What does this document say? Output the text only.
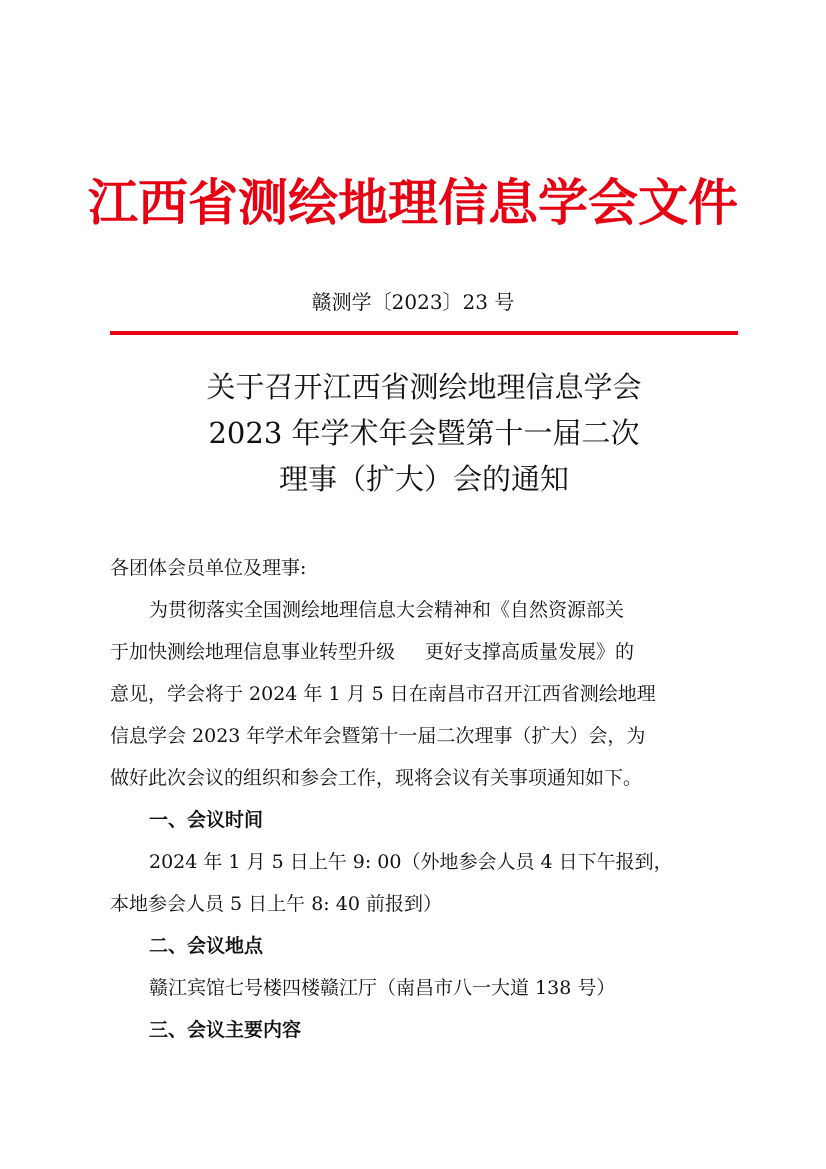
江西省测绘地理信息学会文件
赣测学〔2023〕23 号
关于召开江西省测绘地理信息学会
2023 年学术年会暨第十一届二次
理事（扩大）会的通知
各团体会员单位及理事:
为贯彻落实全国测绘地理信息大会精神和《自然资源部关
于加快测绘地理信息事业转型升级 更好支撑高质量发展》的
意见，学会将于 2024 年 1 月 5 日在南昌市召开江西省测绘地理
信息学会 2023 年学术年会暨第十一届二次理事（扩大）会，为
做好此次会议的组织和参会工作，现将会议有关事项通知如下。
一、会议时间
2024 年 1 月 5 日上午 9: 00（外地参会人员 4 日下午报到，
本地参会人员 5 日上午 8: 40 前报到）
二、会议地点
赣江宾馆七号楼四楼赣江厅（南昌市八一大道 138 号）
三、会议主要内容
